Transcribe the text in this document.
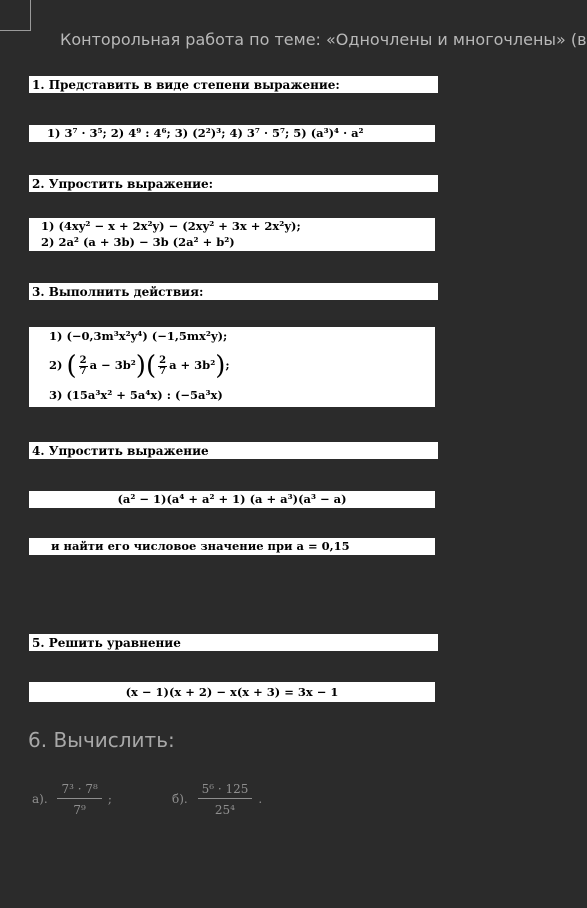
Конторольная работа по теме: «Одночлены и многочлены» (в
1. Представить в виде степени выражение:
1) 3⁷ · 3⁵; 2) 4⁹ : 4⁶; 3) (2²)³; 4) 3⁷ · 5⁷; 5) (a³)⁴ · a²
2. Упростить выражение:
1) (4xy² − x + 2x²y) − (2xy² + 3x + 2x²y);
2) 2a² (a + 3b) − 3b (2a² + b²)
3. Выполнить действия:
1) (−0,3m³x²y⁴) (−1,5mx²y);
2) ( $\frac{2}{7}$ $a - 3b^2)( \frac{2}{7}$ a + 3b²);
3) (15a³x² + 5a⁴x) : (−5a³x)
4. Упростить выражение
(a² − 1)(a⁴ + a² + 1) (a + a³)(a³ − a)
и найти его числовое значение при a = 0,15
5. Решить уравнение
(x − 1)(x + 2) − x(x + 3) = 3x − 1
6. Вычислить:
а). $\frac{\text{7³ · 7⁸}}{\text{7⁹}}$ ;	б). $\frac{\text{5⁶ · 125}}{\text{25⁴}}$ .
